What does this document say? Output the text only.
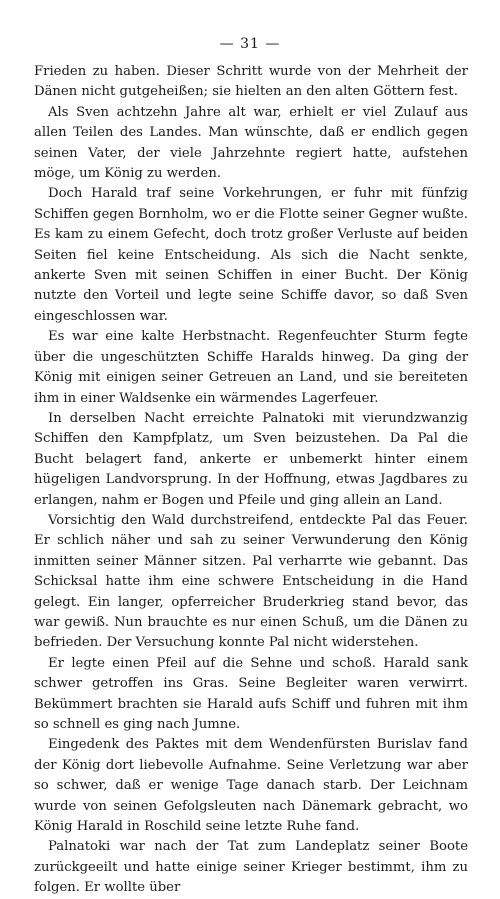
— 31 —

Frieden zu haben. Dieser Schritt wurde von der Mehrheit der Dänen nicht gutgeheißen; sie hielten an den alten Göttern fest.

Als Sven achtzehn Jahre alt war, erhielt er viel Zulauf aus allen Teilen des Landes. Man wünschte, daß er endlich gegen seinen Vater, der viele Jahrzehnte regiert hatte, aufstehen möge, um König zu werden.

Doch Harald traf seine Vorkehrungen, er fuhr mit fünfzig Schiffen gegen Bornholm, wo er die Flotte seiner Gegner wußte. Es kam zu einem Gefecht, doch trotz großer Verluste auf beiden Seiten fiel keine Entscheidung. Als sich die Nacht senkte, ankerte Sven mit seinen Schiffen in einer Bucht. Der König nutzte den Vorteil und legte seine Schiffe davor, so daß Sven eingeschlossen war.

Es war eine kalte Herbstnacht. Regenfeuchter Sturm fegte über die ungeschützten Schiffe Haralds hinweg. Da ging der König mit einigen seiner Getreuen an Land, und sie bereiteten ihm in einer Waldsenke ein wärmendes Lagerfeuer.

In derselben Nacht erreichte Palnatoki mit vierundzwanzig Schiffen den Kampfplatz, um Sven beizustehen. Da Pal die Bucht belagert fand, ankerte er unbemerkt hinter einem hügeligen Landvorsprung. In der Hoffnung, etwas Jagdbares zu erlangen, nahm er Bogen und Pfeile und ging allein an Land.

Vorsichtig den Wald durchstreifend, entdeckte Pal das Feuer. Er schlich näher und sah zu seiner Verwunderung den König inmitten seiner Männer sitzen. Pal verharrte wie gebannt. Das Schicksal hatte ihm eine schwere Entscheidung in die Hand gelegt. Ein langer, opferreicher Bruderkrieg stand bevor, das war gewiß. Nun brauchte es nur einen Schuß, um die Dänen zu befrieden. Der Versuchung konnte Pal nicht widerstehen.

Er legte einen Pfeil auf die Sehne und schoß. Harald sank schwer getroffen ins Gras. Seine Begleiter waren verwirrt. Bekümmert brachten sie Harald aufs Schiff und fuhren mit ihm so schnell es ging nach Jumne.

Eingedenk des Paktes mit dem Wendenfürsten Burislav fand der König dort liebevolle Aufnahme. Seine Verletzung war aber so schwer, daß er wenige Tage danach starb. Der Leichnam wurde von seinen Gefolgsleuten nach Dänemark gebracht, wo König Harald in Roschild seine letzte Ruhe fand.

Palnatoki war nach der Tat zum Landeplatz seiner Boote zurückgeeilt und hatte einige seiner Krieger bestimmt, ihm zu folgen. Er wollte über
